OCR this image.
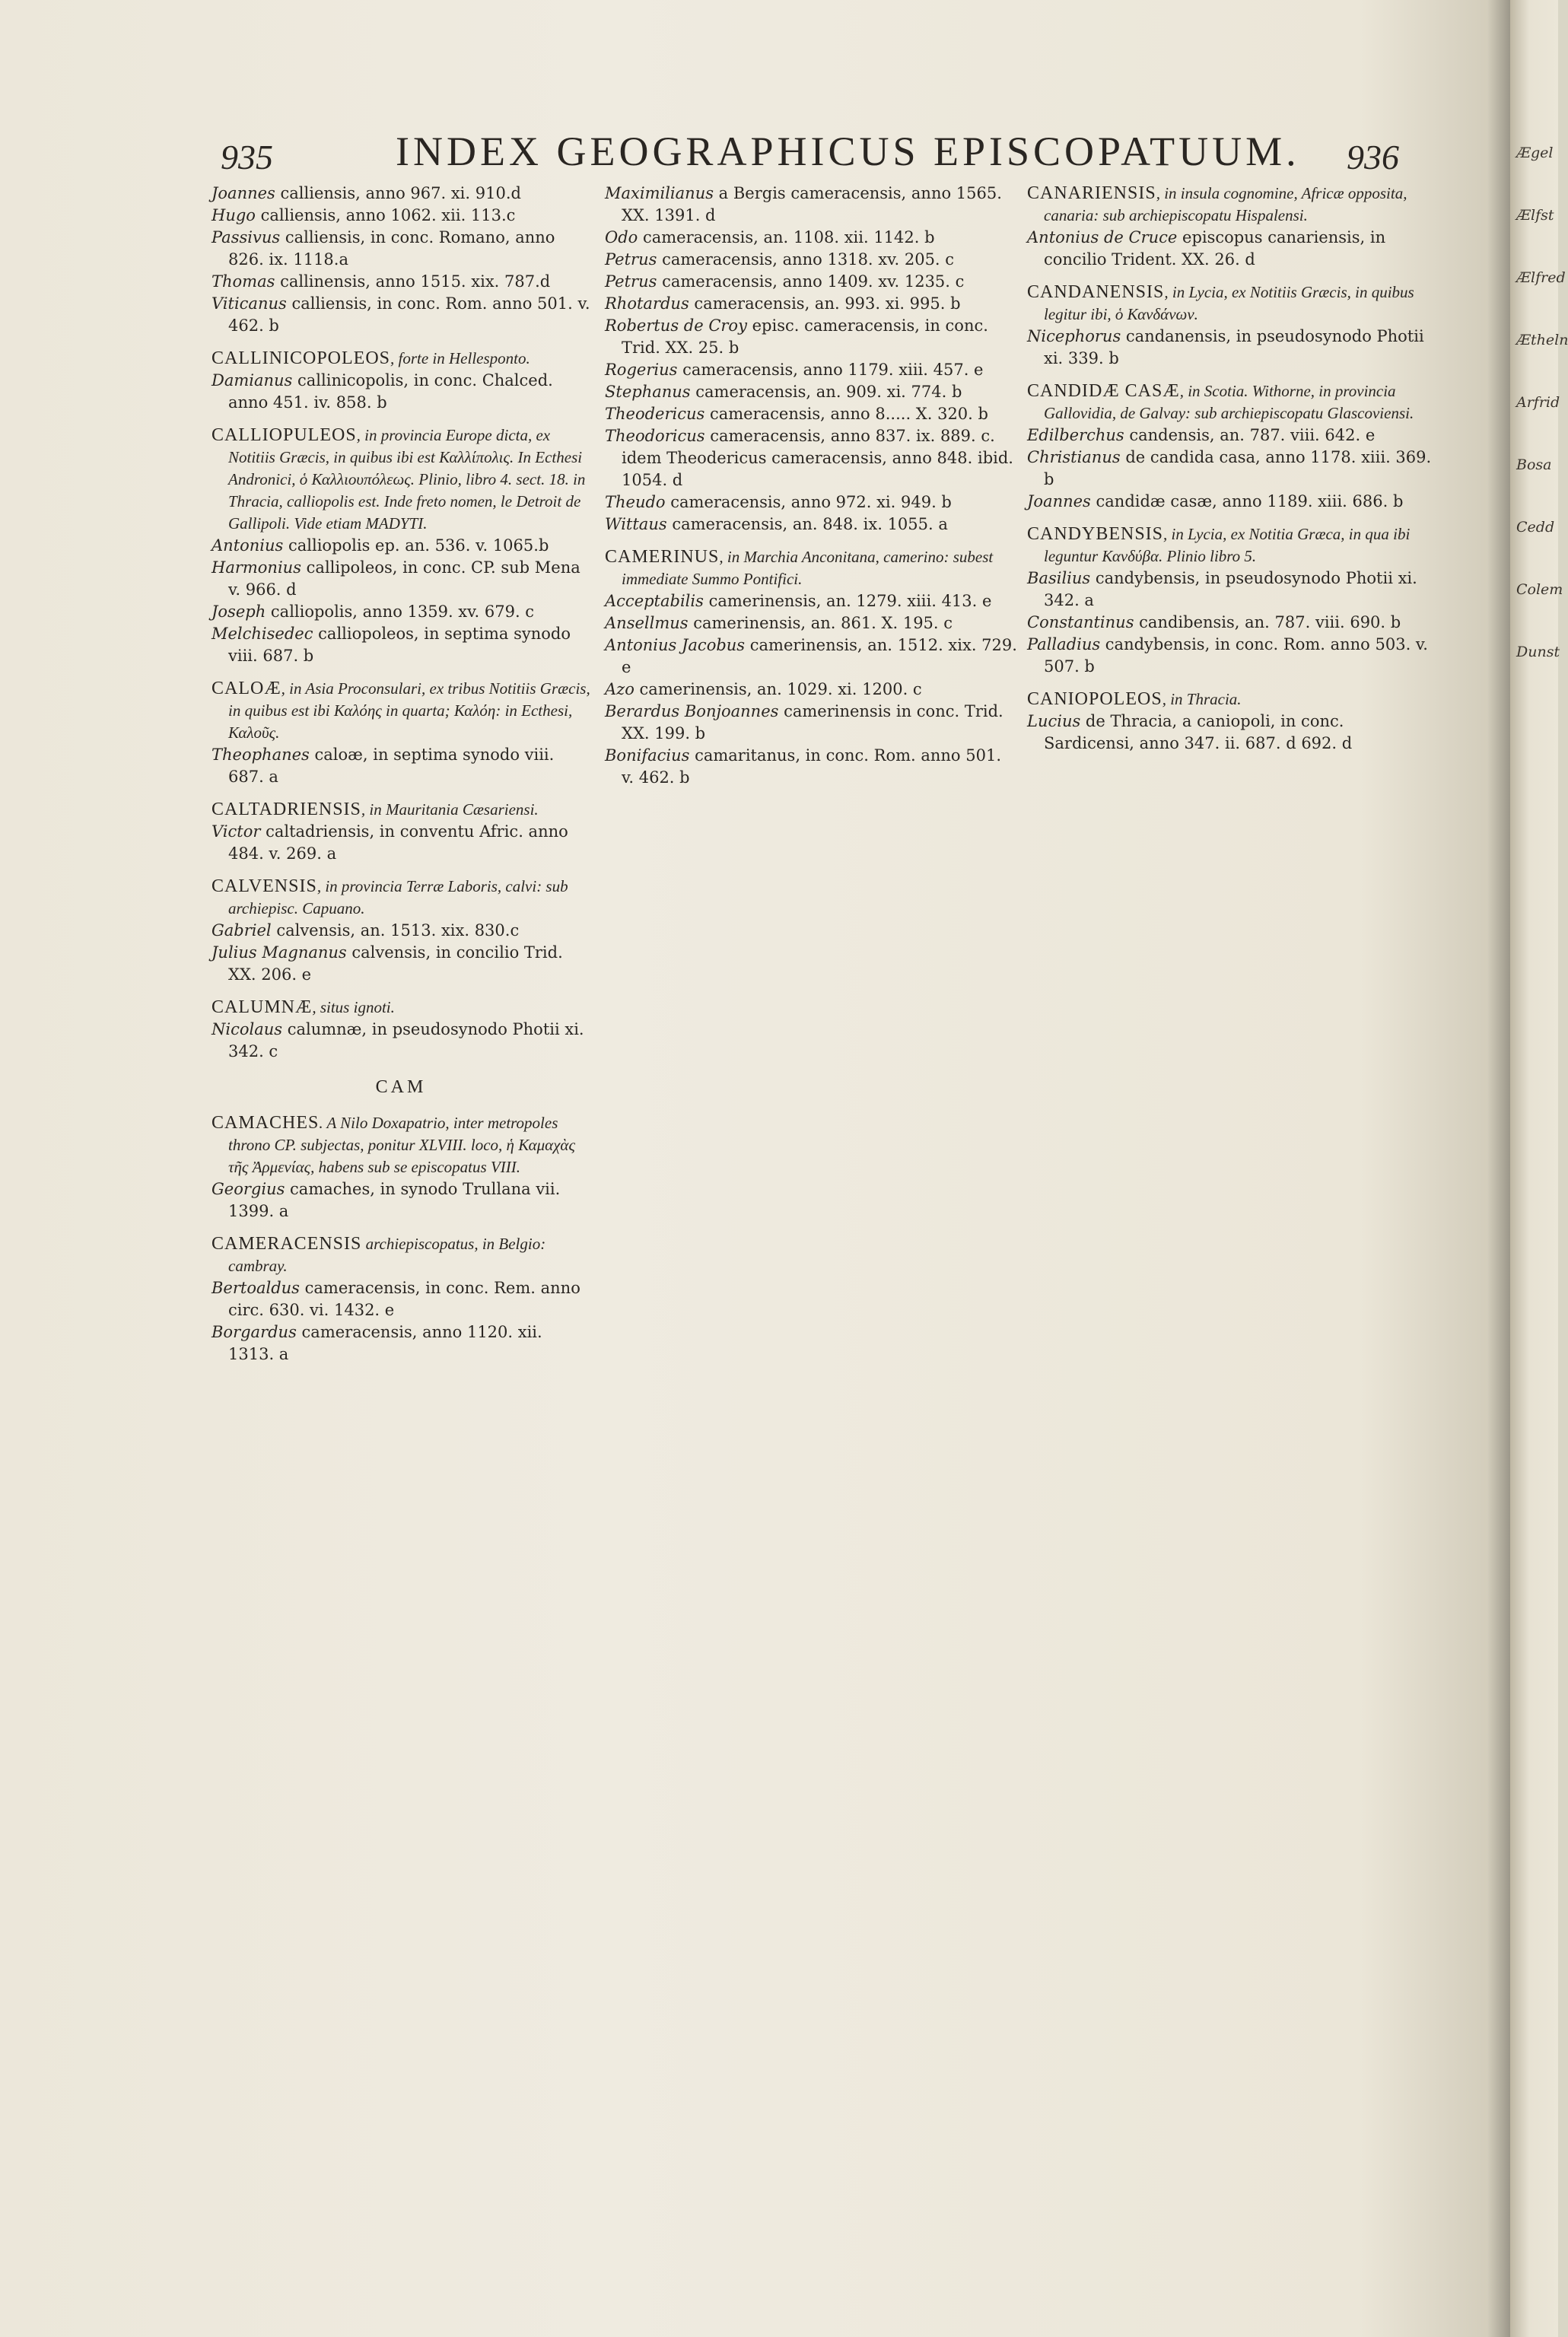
935	INDEX GEOGRAPHICUS EPISCOPATUUM. 936

Joannes calliensis, anno 967. xi. 910.d

Hugo calliensis, anno 1062. xii. 113.c

Passivus calliensis, in conc. Romano, anno 826. ix. 1118.a

Thomas callinensis, anno 1515. xix. 787.d

Viticanus calliensis, in conc. Rom. anno 501. v. 462. b

CALLINICOPOLEOS, forte in Hellesponto.

Damianus callinicopolis, in conc. Chalced. anno 451. iv. 858. b

CALLIOPULEOS, in provincia Europe dicta, ex Notitiis Græcis, in quibus ibi est Καλλίπολις. In Ecthesi Andronici, ὁ Καλλιουπόλεως. Plinio, libro 4. sect. 18. in Thracia, calliopolis est. Inde freto nomen, le Detroit de Gallipoli. Vide etiam MADYTI.

Antonius calliopolis ep. an. 536. v. 1065.b

Harmonius callipoleos, in conc. CP. sub Mena v. 966. d

Joseph calliopolis, anno 1359. xv. 679. c

Melchisedec calliopoleos, in septima synodo viii. 687. b

CALOÆ, in Asia Proconsulari, ex tribus Notitiis Græcis, in quibus est ibi Καλόης in quarta; Καλόη: in Ecthesi, Καλοῦς.

Theophanes caloæ, in septima synodo viii. 687. a

CALTADRIENSIS, in Mauritania Cæsariensi.

Victor caltadriensis, in conventu Afric. anno 484. v. 269. a

CALVENSIS, in provincia Terræ Laboris, calvi: sub archiepisc. Capuano.

Gabriel calvensis, an. 1513. xix. 830.c

Julius Magnanus calvensis, in concilio Trid. XX. 206. e

CALUMNÆ, situs ignoti.

Nicolaus calumnæ, in pseudosynodo Photii xi. 342. c

CAM

CAMACHES. A Nilo Doxapatrio, inter metropoles throno CP. subjectas, ponitur XLVIII. loco, ἡ Καμαχὰς τῆς Ἀρμενίας, habens sub se episcopatus VIII.

Georgius camaches, in synodo Trullana vii. 1399. a

CAMERACENSIS archiepiscopatus, in Belgio: cambray.

Bertoaldus cameracensis, in conc. Rem. anno circ. 630. vi. 1432. e

Borgardus cameracensis, anno 1120. xii. 1313. a

Maximilianus a Bergis cameracensis, anno 1565. XX. 1391. d

Odo cameracensis, an. 1108. xii. 1142. b

Petrus cameracensis, anno 1318. xv. 205. c

Petrus cameracensis, anno 1409. xv. 1235. c

Rhotardus cameracensis, an. 993. xi. 995. b

Robertus de Croy episc. cameracensis, in conc. Trid. XX. 25. b

Rogerius cameracensis, anno 1179. xiii. 457. e

Stephanus cameracensis, an. 909. xi. 774. b

Theodericus cameracensis, anno 8..... X. 320. b

Theodoricus cameracensis, anno 837. ix. 889. c. idem Theodericus cameracensis, anno 848. ibid. 1054. d

Theudo cameracensis, anno 972. xi. 949. b

Wittaus cameracensis, an. 848. ix. 1055. a

CAMERINUS, in Marchia Anconitana, camerino: subest immediate Summo Pontifici.

Acceptabilis camerinensis, an. 1279. xiii. 413. e

Ansellmus camerinensis, an. 861. X. 195. c

Antonius Jacobus camerinensis, an. 1512. xix. 729. e

Azo camerinensis, an. 1029. xi. 1200. c

Berardus Bonjoannes camerinensis in conc. Trid. XX. 199. b

Bonifacius camaritanus, in conc. Rom. anno 501. v. 462. b

CANARIENSIS, in insula cognomine, Africæ opposita, canaria: sub archiepiscopatu Hispalensi.

Antonius de Cruce episcopus canariensis, in concilio Trident. XX. 26. d

CANDANENSIS, in Lycia, ex Notitiis Græcis, in quibus legitur ibi, ὁ Κανδάνων.

Nicephorus candanensis, in pseudosynodo Photii xi. 339. b

CANDIDÆ CASÆ, in Scotia. Withorne, in provincia Gallovidia, de Galvay: sub archiepiscopatu Glascoviensi.

Edilberchus candensis, an. 787. viii. 642. e

Christianus de candida casa, anno 1178. xiii. 369. b

Joannes candidæ casæ, anno 1189. xiii. 686. b

CANDYBENSIS, in Lycia, ex Notitia Græca, in qua ibi leguntur Κανδύβα. Plinio libro 5.

Basilius candybensis, in pseudosynodo Photii xi. 342. a

Constantinus candibensis, an. 787. viii. 690. b

Palladius candybensis, in conc. Rom. anno 503. v. 507. b

CANIOPOLEOS, in Thracia.

Lucius de Thracia, a caniopoli, in conc. Sardicensi, anno 347. ii. 687. d 692. d

Ægel
Ælfst
Ælfred
Ætheln
Arfrid
Bosa
Cedd
Colem
Dunst
